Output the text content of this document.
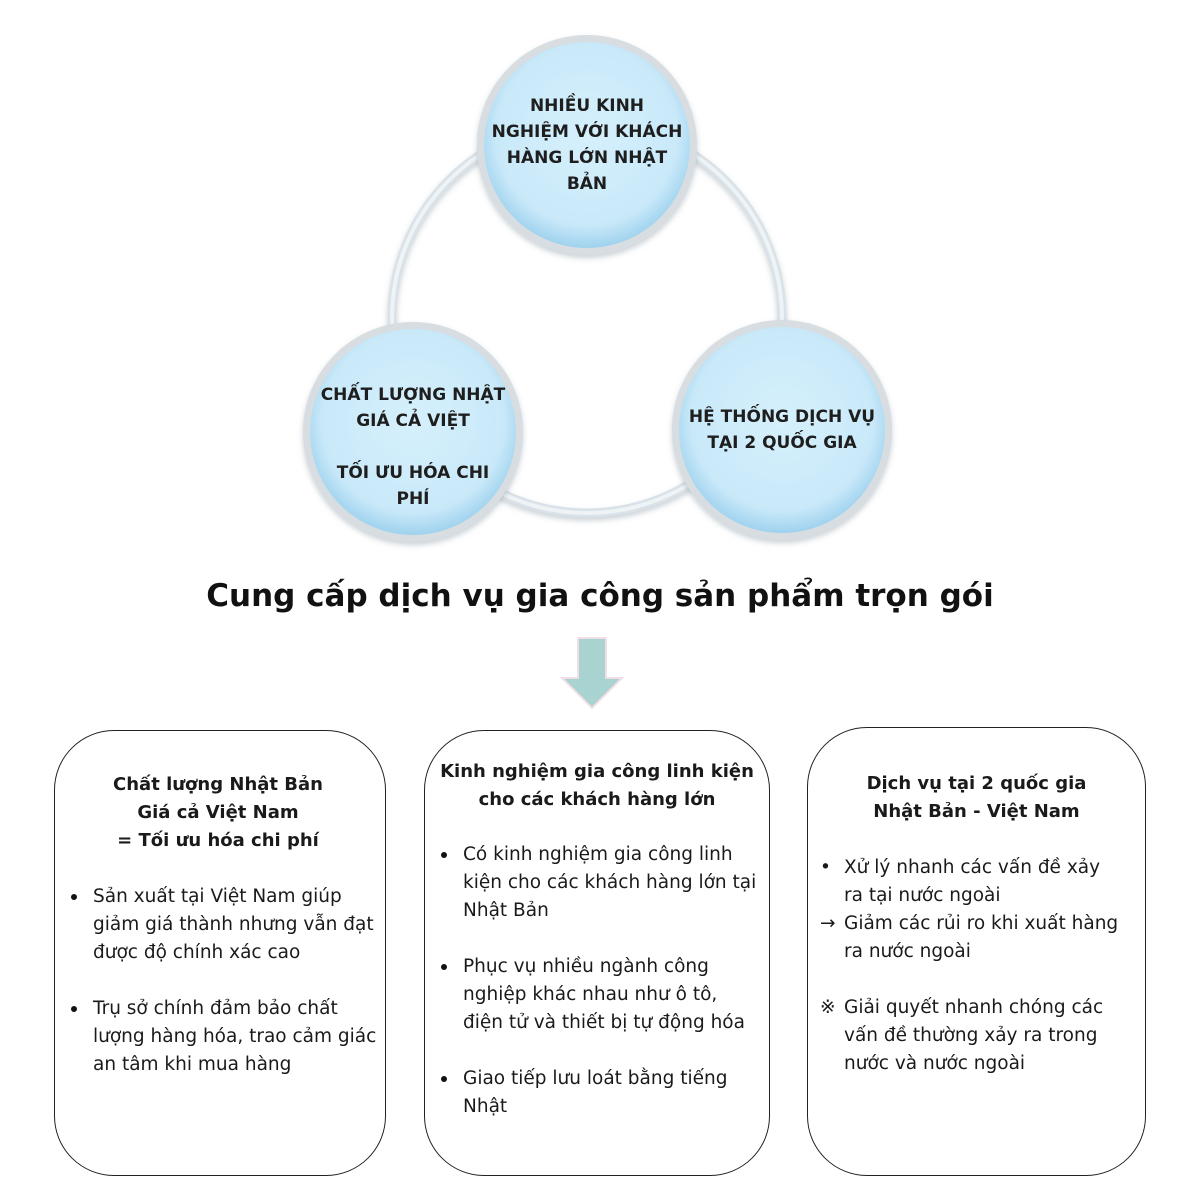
NHIỀU KINH
NGHIỆM VỚI KHÁCH
HÀNG LỚN NHẬT
BẢN
HỆ THỐNG DỊCH VỤ
TẠI 2 QUỐC GIA
CHẤT LƯỢNG NHẬT
GIÁ CẢ VIỆT

TỐI ƯU HÓA CHI
PHÍ
Cung cấp dịch vụ gia công sản phẩm trọn gói
Chất lượng Nhật Bản
Giá cả Việt Nam
= Tối ưu hóa chi phí
Sản xuất tại Việt Nam giúp giảm giá thành nhưng vẫn đạt được độ chính xác cao
Trụ sở chính đảm bảo chất lượng hàng hóa, trao cảm giác an tâm khi mua hàng
Kinh nghiệm gia công linh kiện
cho các khách hàng lớn
Có kinh nghiệm gia công linh kiện cho các khách hàng lớn tại Nhật Bản
Phục vụ nhiều ngành công nghiệp khác nhau như ô tô, điện tử và thiết bị tự động hóa
Giao tiếp lưu loát bằng tiếng Nhật
Dịch vụ tại 2 quốc gia
Nhật Bản - Việt Nam
• Xử lý nhanh các vấn đề xảy ra tại nước ngoài
→ Giảm các rủi ro khi xuất hàng ra nước ngoài
※ Giải quyết nhanh chóng các vấn đề thường xảy ra trong nước và nước ngoài
